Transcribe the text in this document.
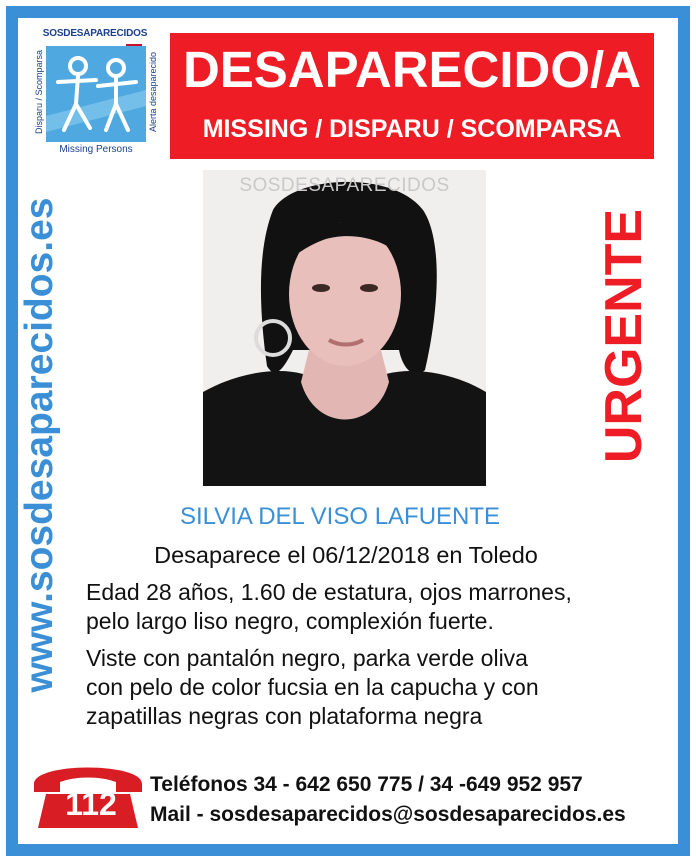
SOSDESAPARECIDOS
Disparu / Scomparsa	Alerta desaparecido
Missing Persons
DESAPARECIDO/A
MISSING / DISPARU / SCOMPARSA
www.sosdesaparecidos.es	URGENTE
SOSDESAPARECIDOS
SILVIA DEL VISO LAFUENTE
Desaparece el 06/12/2018 en Toledo
Edad 28 años, 1.60 de estatura, ojos marrones,
pelo largo liso negro, complexión fuerte.
Viste con pantalón negro, parka verde oliva
con pelo de color fucsia en la capucha y con
zapatillas negras con plataforma negra
112
Teléfonos 34 - 642 650 775 / 34 -649 952 957
Mail - sosdesaparecidos@sosdesaparecidos.es
